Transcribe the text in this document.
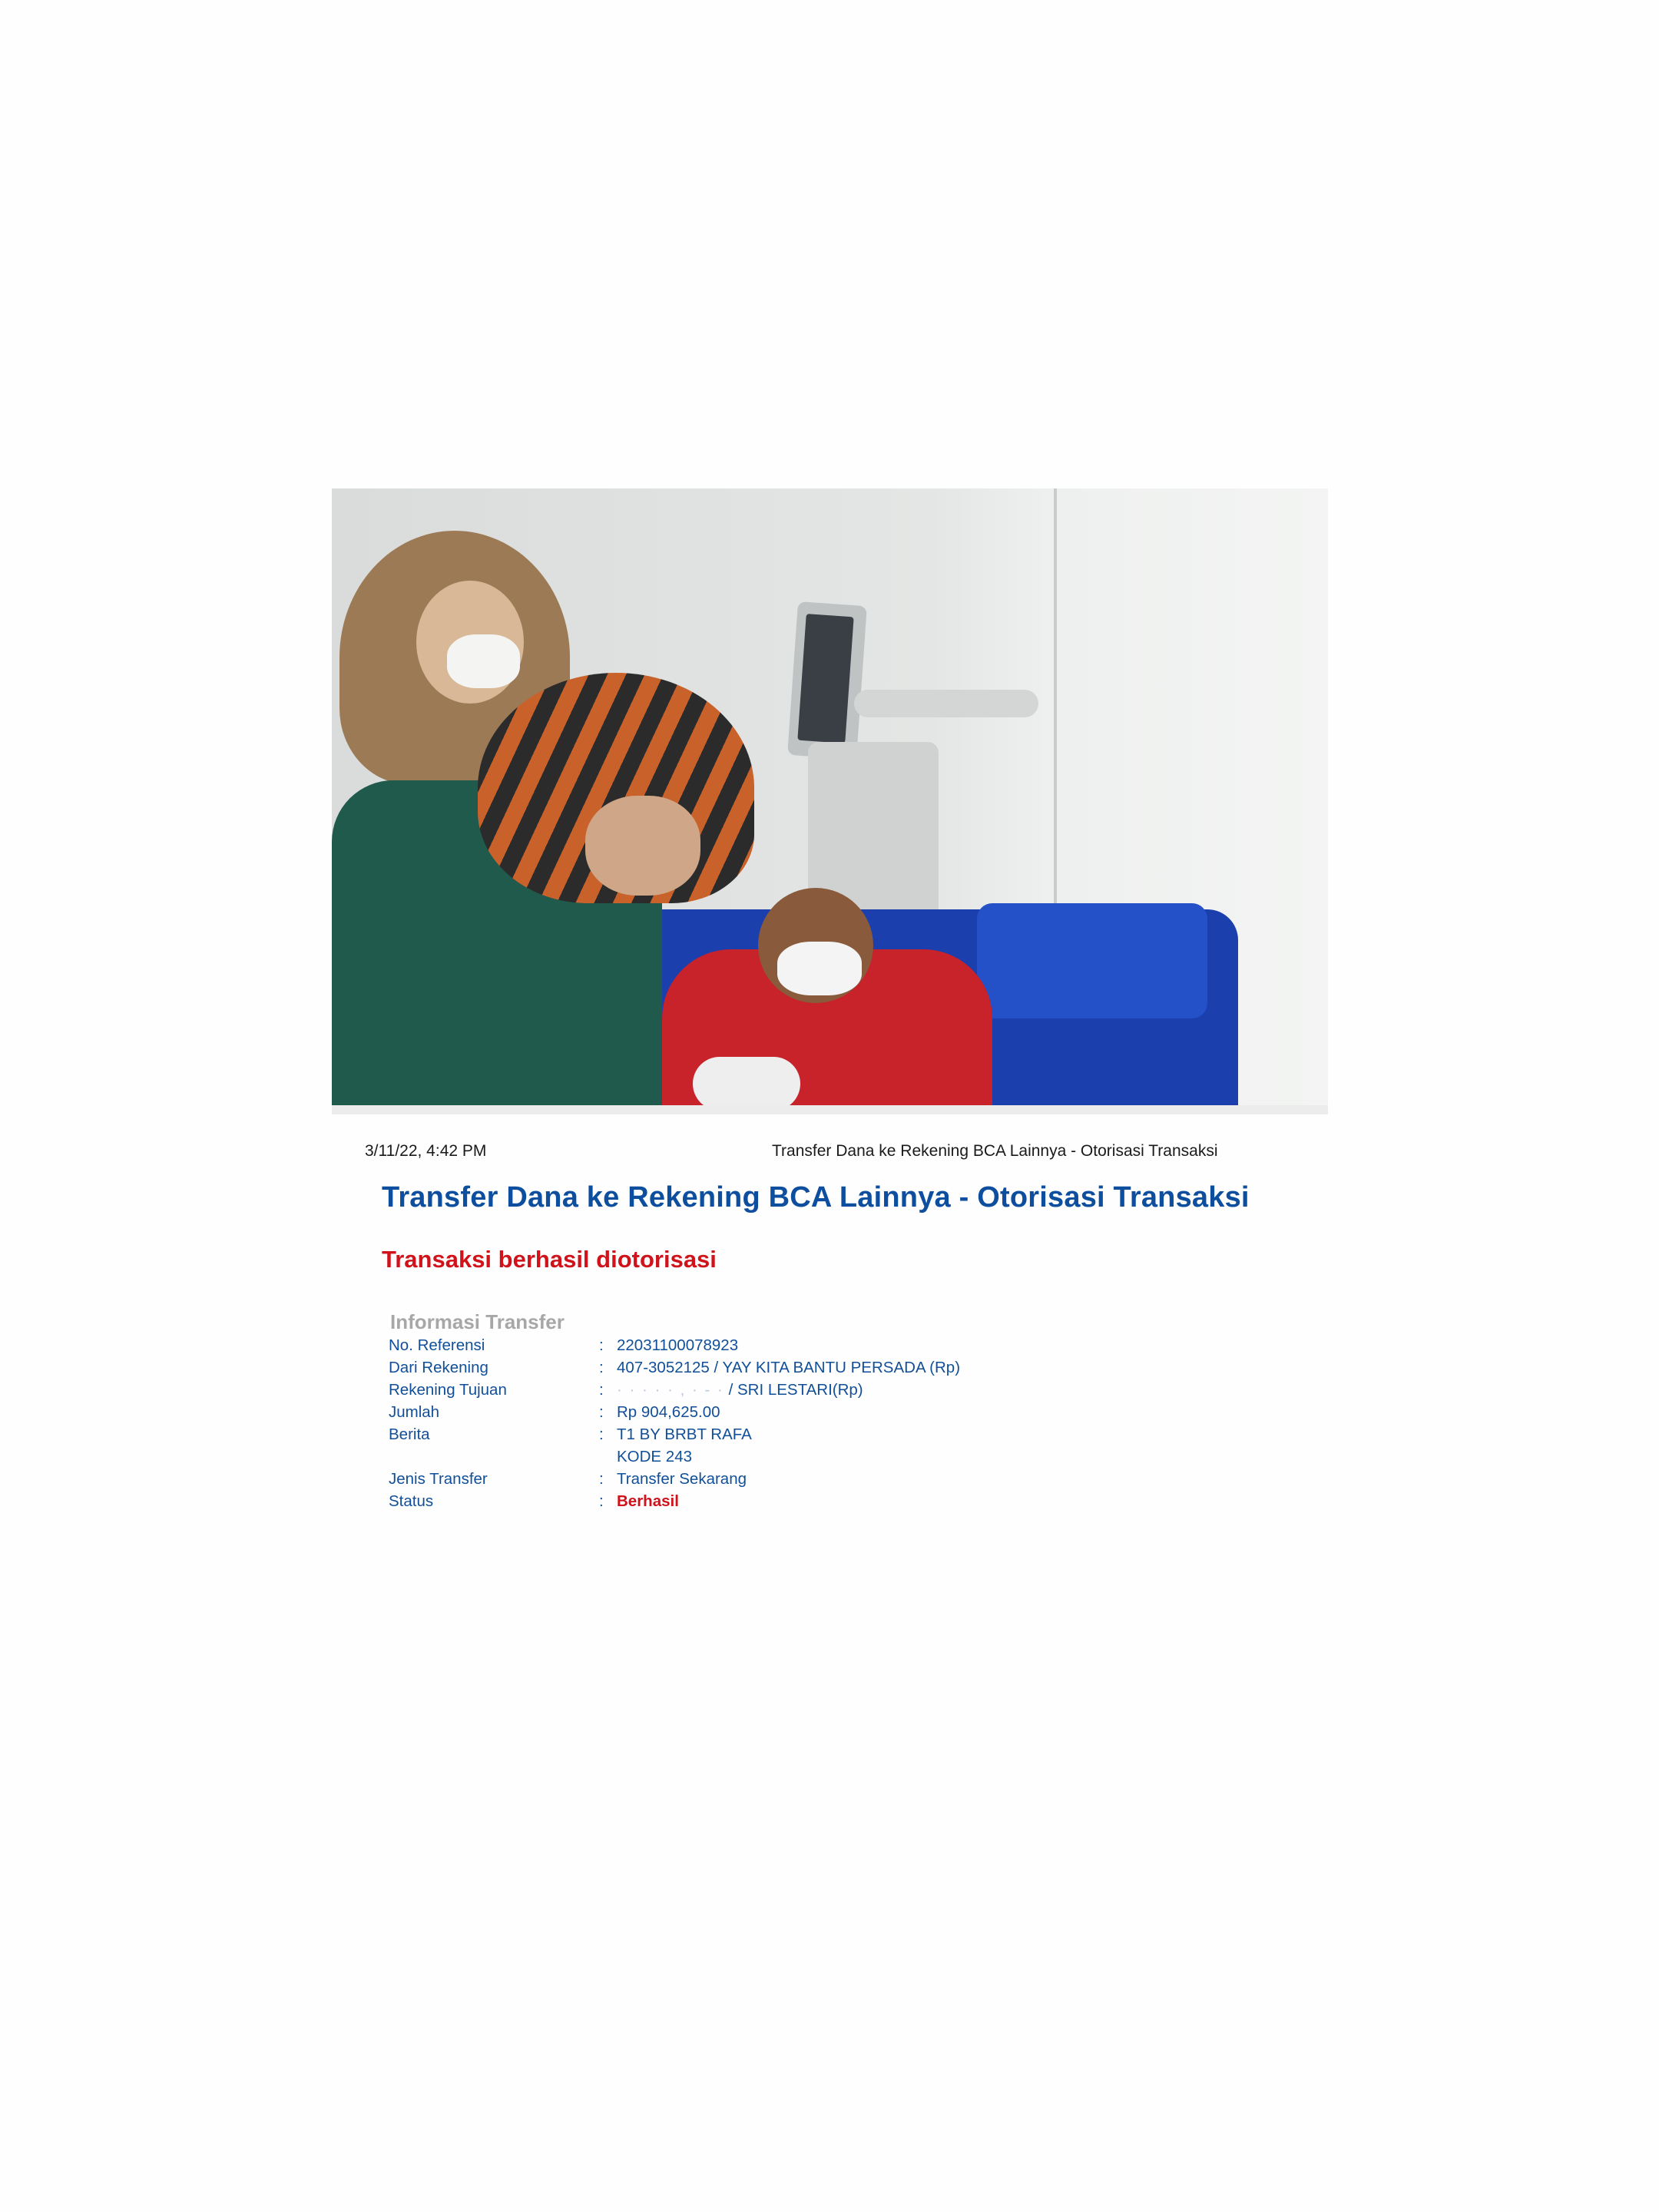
3/11/22, 4:42 PM	Transfer Dana ke Rekening BCA Lainnya - Otorisasi Transaksi
Transfer Dana ke Rekening BCA Lainnya - Otorisasi Transaksi
Transaksi berhasil diotorisasi
Informasi Transfer
No. Referensi	: 22031100078923
Dari Rekening	: 407-3052125 / YAY KITA BANTU PERSADA (Rp)
Rekening Tujuan	: · · · · · , · ‐ · / SRI LESTARI(Rp)
Jumlah	: Rp 904,625.00
Berita	: T1 BY BRBT RAFA
KODE 243
Jenis Transfer	: Transfer Sekarang
Status	: Berhasil
